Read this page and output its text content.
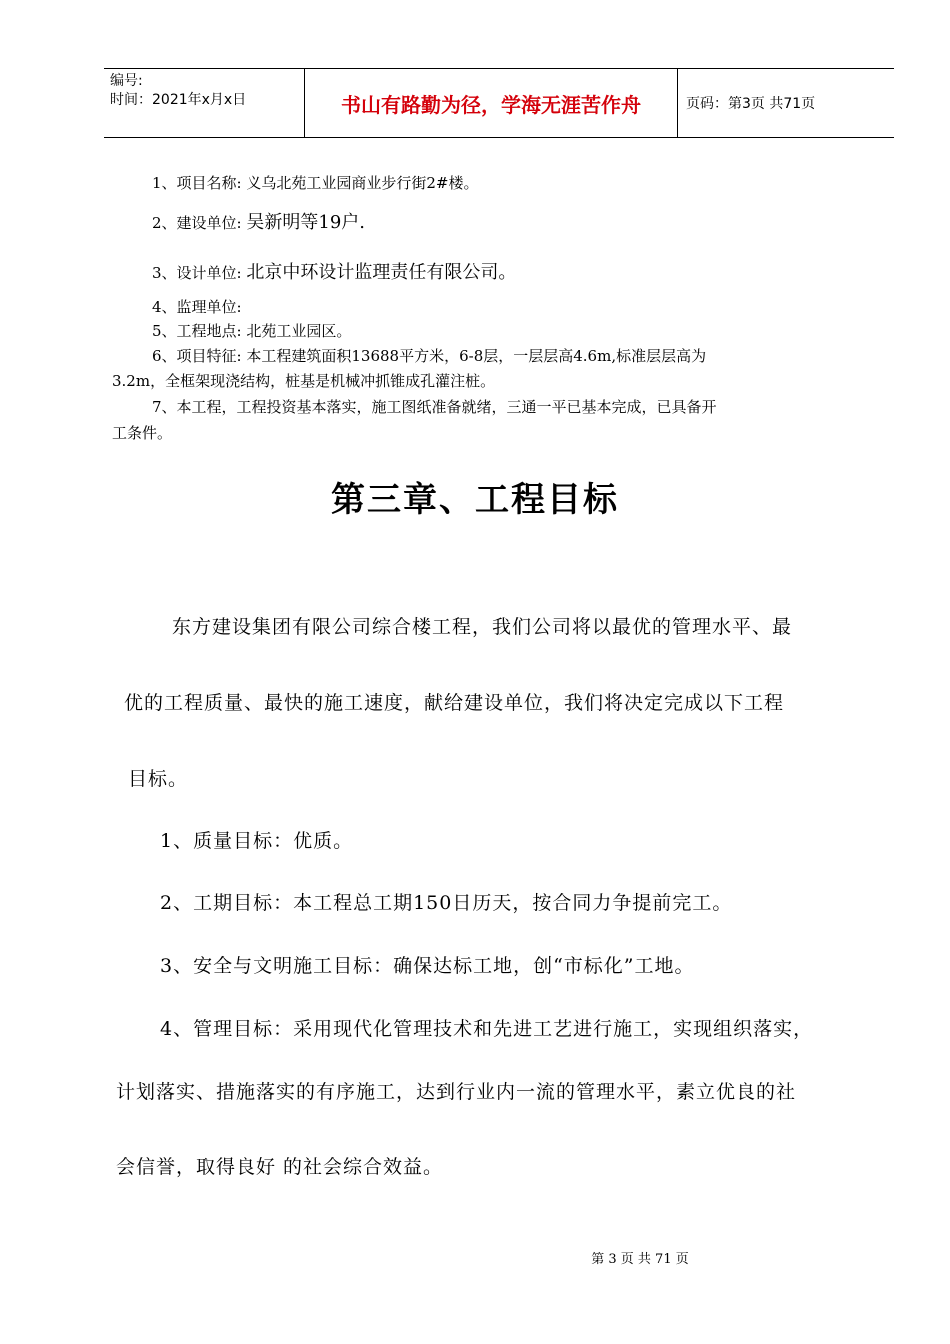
编号:
时间：2021年x月x日	书山有路勤为径，学海无涯苦作舟	页码：第3页 共71页
1、项目名称: 义乌北苑工业园商业步行街2#楼。
2、建设单位: 吴新明等19户.
3、设计单位: 北京中环设计监理责任有限公司。
4、监理单位:
5、工程地点: 北苑工业园区。
6、项目特征: 本工程建筑面积13688平方米，6-8层，一层层高4.6m,标准层层高为
3.2m，全框架现浇结构，桩基是机械冲抓锥成孔灌注桩。
7、本工程，工程投资基本落实，施工图纸准备就绪，三通一平已基本完成，已具备开
工条件。
第三章、工程目标
东方建设集团有限公司综合楼工程，我们公司将以最优的管理水平、最
优的工程质量、最快的施工速度，献给建设单位，我们将决定完成以下工程
目标。
1、质量目标：优质。
2、工期目标：本工程总工期150日历天，按合同力争提前完工。
3、安全与文明施工目标：确保达标工地，创“市标化”工地。
4、管理目标：采用现代化管理技术和先进工艺进行施工，实现组织落实，
计划落实、措施落实的有序施工，达到行业内一流的管理水平，素立优良的社
会信誉，取得良好 的社会综合效益。
第 3 页 共 71 页
